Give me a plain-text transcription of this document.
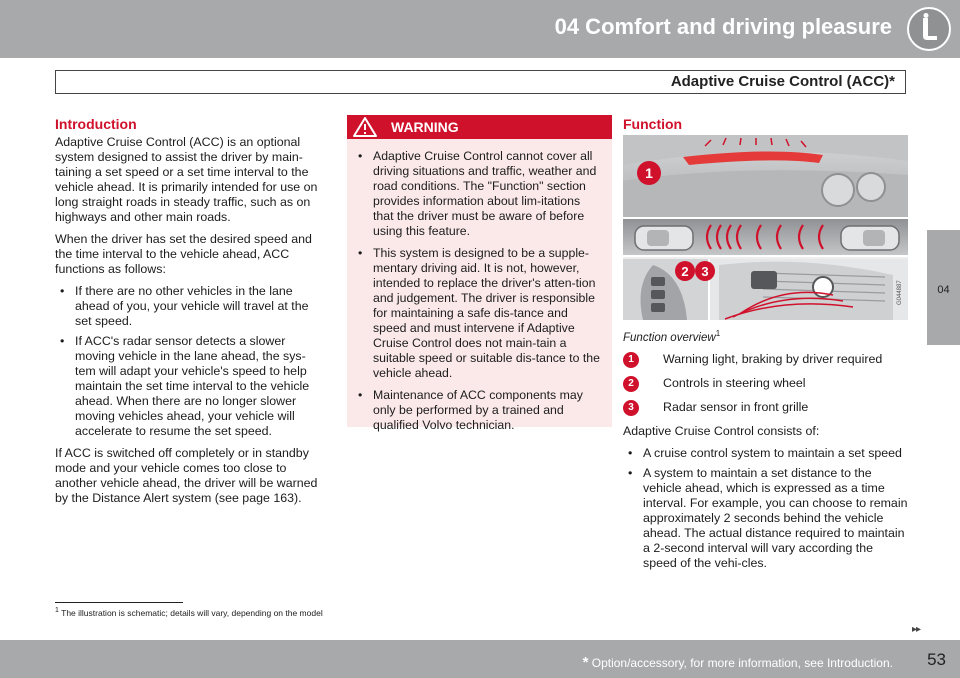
04 Comfort and driving pleasure
Adaptive Cruise Control (ACC)*
04
Introduction

Adaptive Cruise Control (ACC) is an optional system designed to assist the driver by main-taining a set speed or a set time interval to the vehicle ahead. It is primarily intended for use on long straight roads in steady traffic, such as on highways and other main roads.

When the driver has set the desired speed and the time interval to the vehicle ahead, ACC functions as follows:

• If there are no other vehicles in the lane ahead of you, your vehicle will travel at the set speed.
• If ACC's radar sensor detects a slower moving vehicle in the lane ahead, the sys-tem will adapt your vehicle's speed to help maintain the set time interval to the vehicle ahead. When there are no longer slower moving vehicles ahead, your vehicle will accelerate to resume the set speed.

If ACC is switched off completely or in standby mode and your vehicle comes too close to another vehicle ahead, the driver will be warned by the Distance Alert system (see page 163).

WARNING
• Adaptive Cruise Control cannot cover all driving situations and traffic, weather and road conditions. The "Function" section provides information about lim-itations that the driver must be aware of before using this feature.
• This system is designed to be a supple-mentary driving aid. It is not, however, intended to replace the driver's atten-tion and judgement. The driver is responsible for maintaining a safe dis-tance and speed and must intervene if Adaptive Cruise Control does not main-tain a suitable speed or suitable dis-tance to the vehicle ahead.
• Maintenance of ACC components may only be performed by a trained and qualified Volvo technician.
Function
1
2 3
G044887
Function overview$^1$
1	Warning light, braking by driver required
2	Controls in steering wheel
3	Radar sensor in front grille

Adaptive Cruise Control consists of:

• A cruise control system to maintain a set speed
• A system to maintain a set distance to the vehicle ahead, which is expressed as a time interval. For example, you can choose to remain approximately 2 seconds behind the vehicle ahead. The actual distance required to maintain a 2-second interval will vary according the speed of the vehi-cles.
$^1$ The illustration is schematic; details will vary, depending on the model
▸▸
* Option/accessory, for more information, see Introduction. 53
